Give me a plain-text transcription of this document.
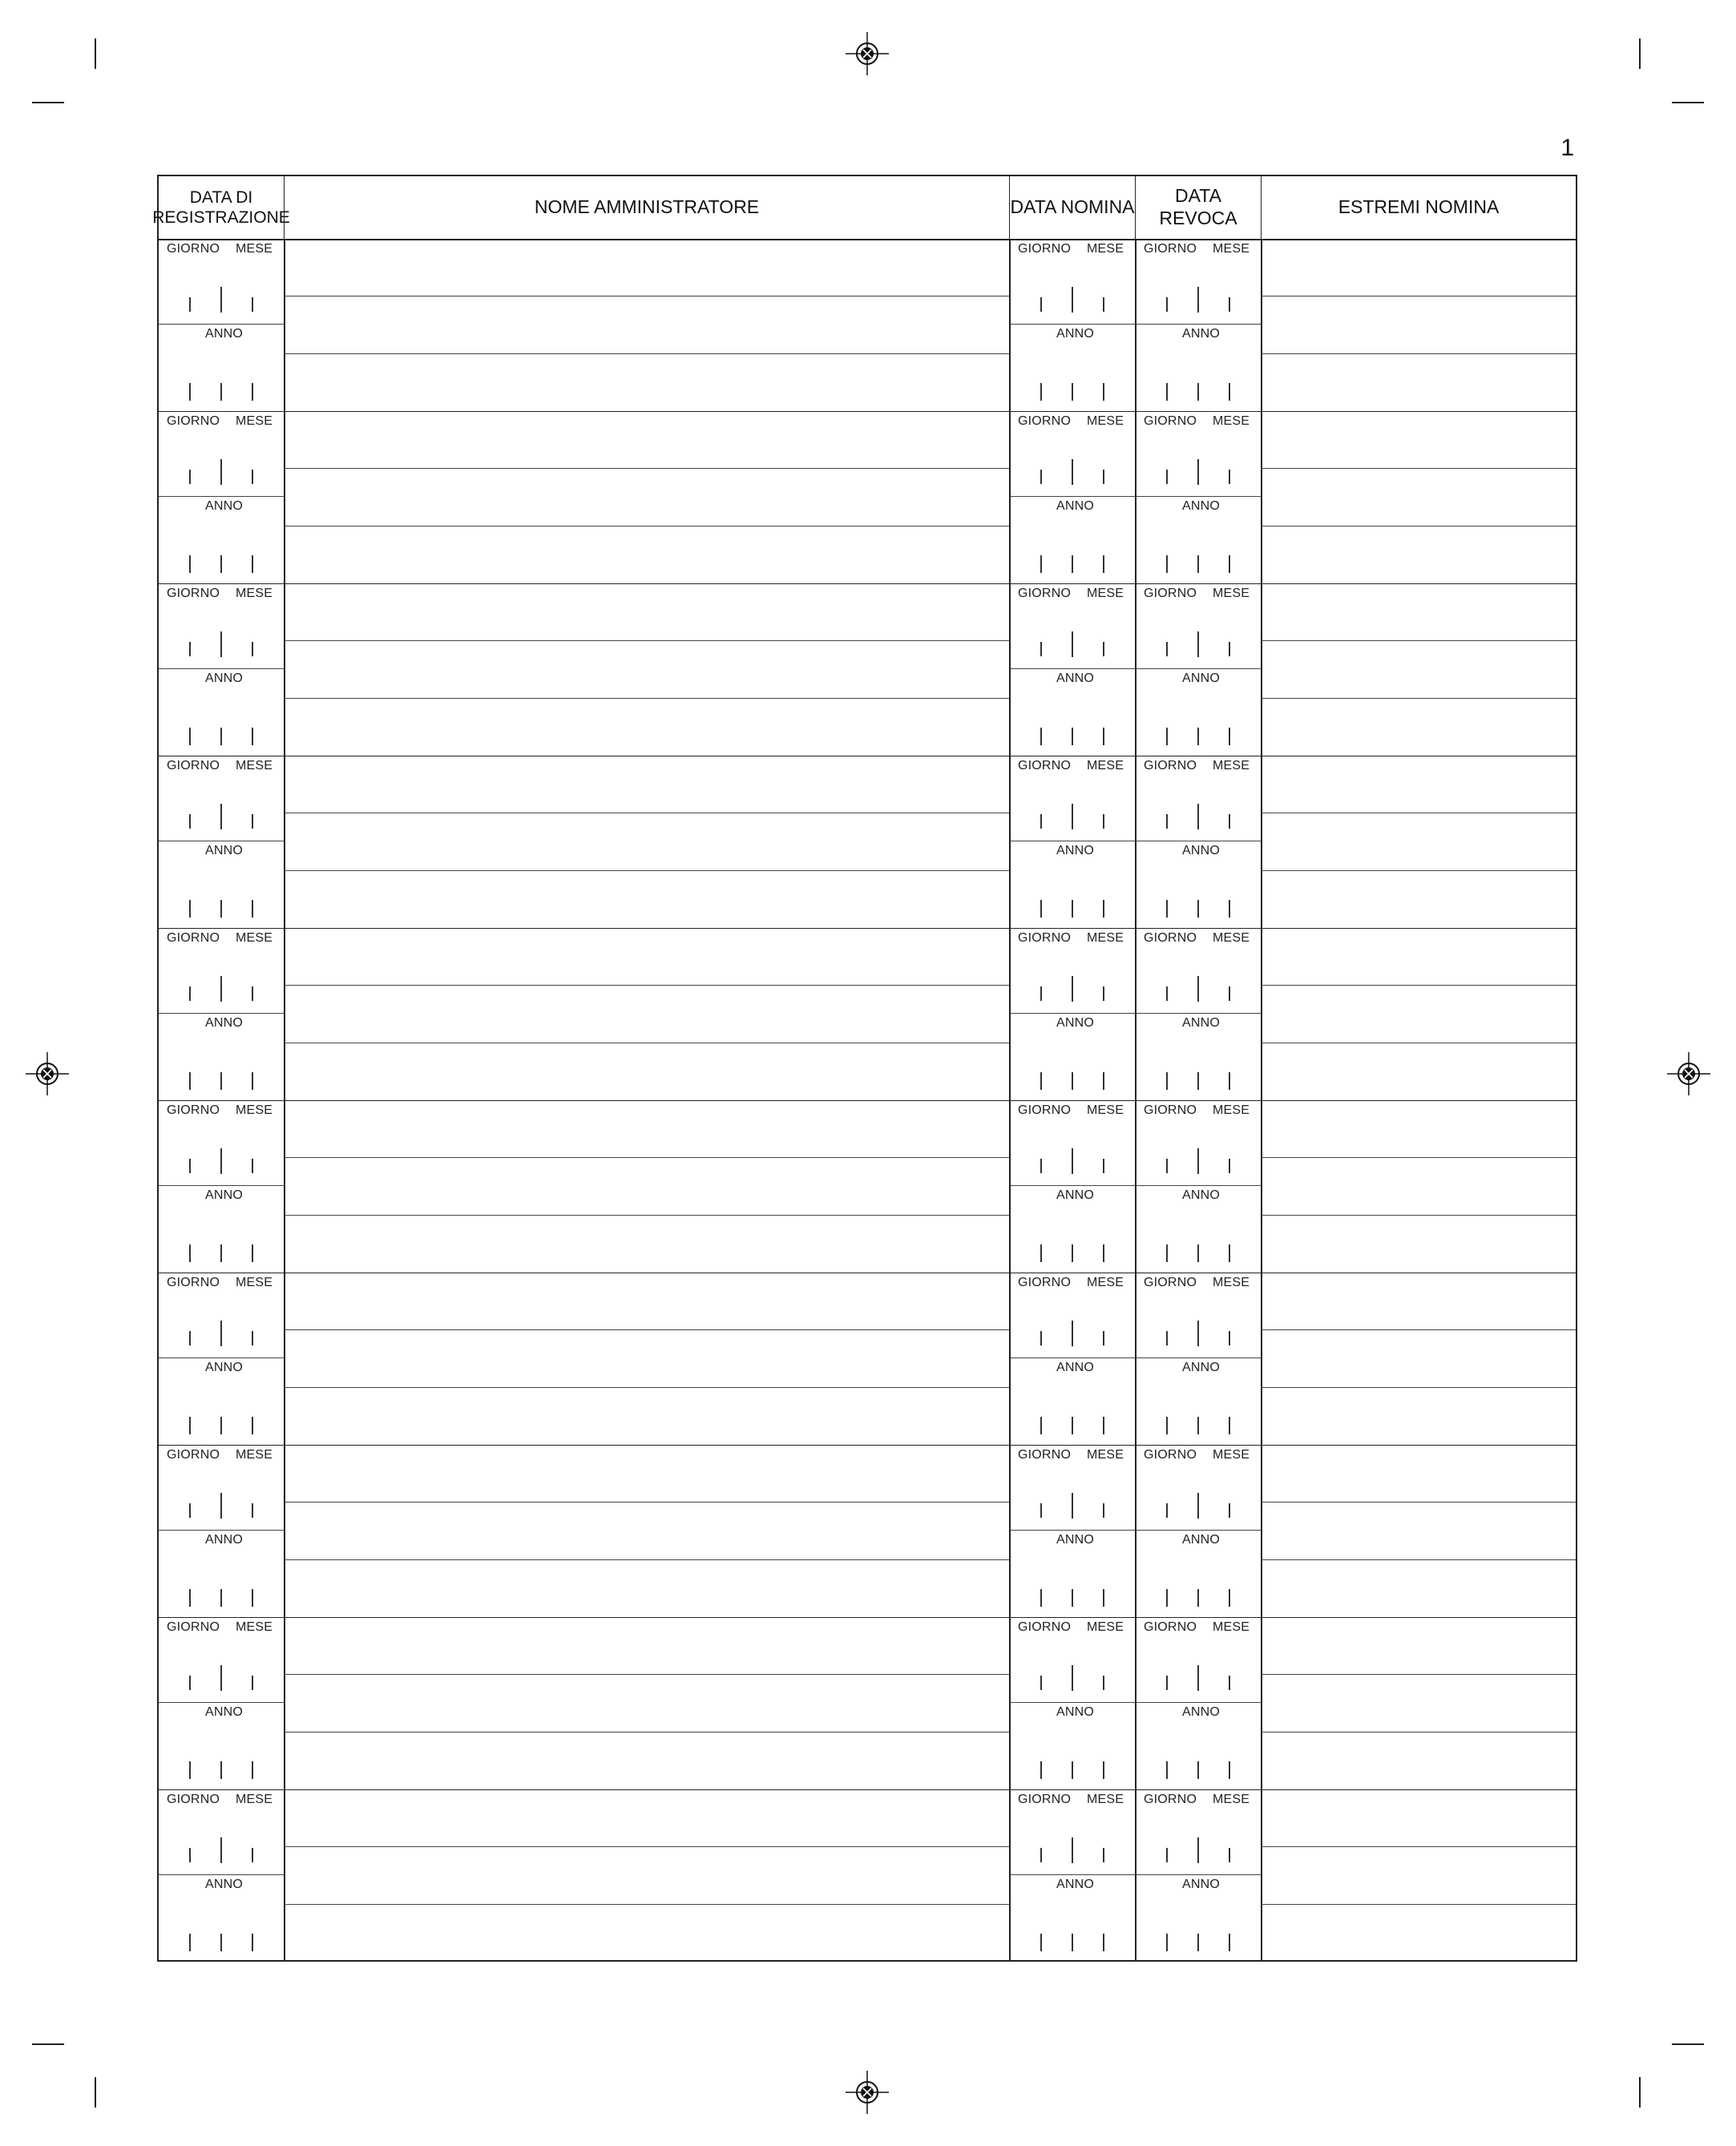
1
DATA DI
REGISTRAZIONE
NOME AMMINISTRATORE	DATA NOMINA
DATA REVOCA
ESTREMI NOMINA
GIORNO MESE
ANNO
GIORNO MESE
ANNO
GIORNO MESE
ANNO
GIORNO MESE
ANNO
GIORNO MESE
ANNO
GIORNO MESE
ANNO
GIORNO MESE
ANNO
GIORNO MESE
ANNO
GIORNO MESE
ANNO
GIORNO MESE
ANNO
GIORNO MESE
ANNO
GIORNO MESE
ANNO
GIORNO MESE
ANNO
GIORNO MESE
ANNO
GIORNO MESE
ANNO
GIORNO MESE
ANNO
GIORNO MESE
ANNO
GIORNO MESE
ANNO
GIORNO MESE
ANNO
GIORNO MESE
ANNO
GIORNO MESE
ANNO
GIORNO MESE
ANNO
GIORNO MESE
ANNO
GIORNO MESE
ANNO
GIORNO MESE
ANNO
GIORNO MESE
ANNO
GIORNO MESE
ANNO
GIORNO MESE
ANNO
GIORNO MESE
ANNO
GIORNO MESE
ANNO
